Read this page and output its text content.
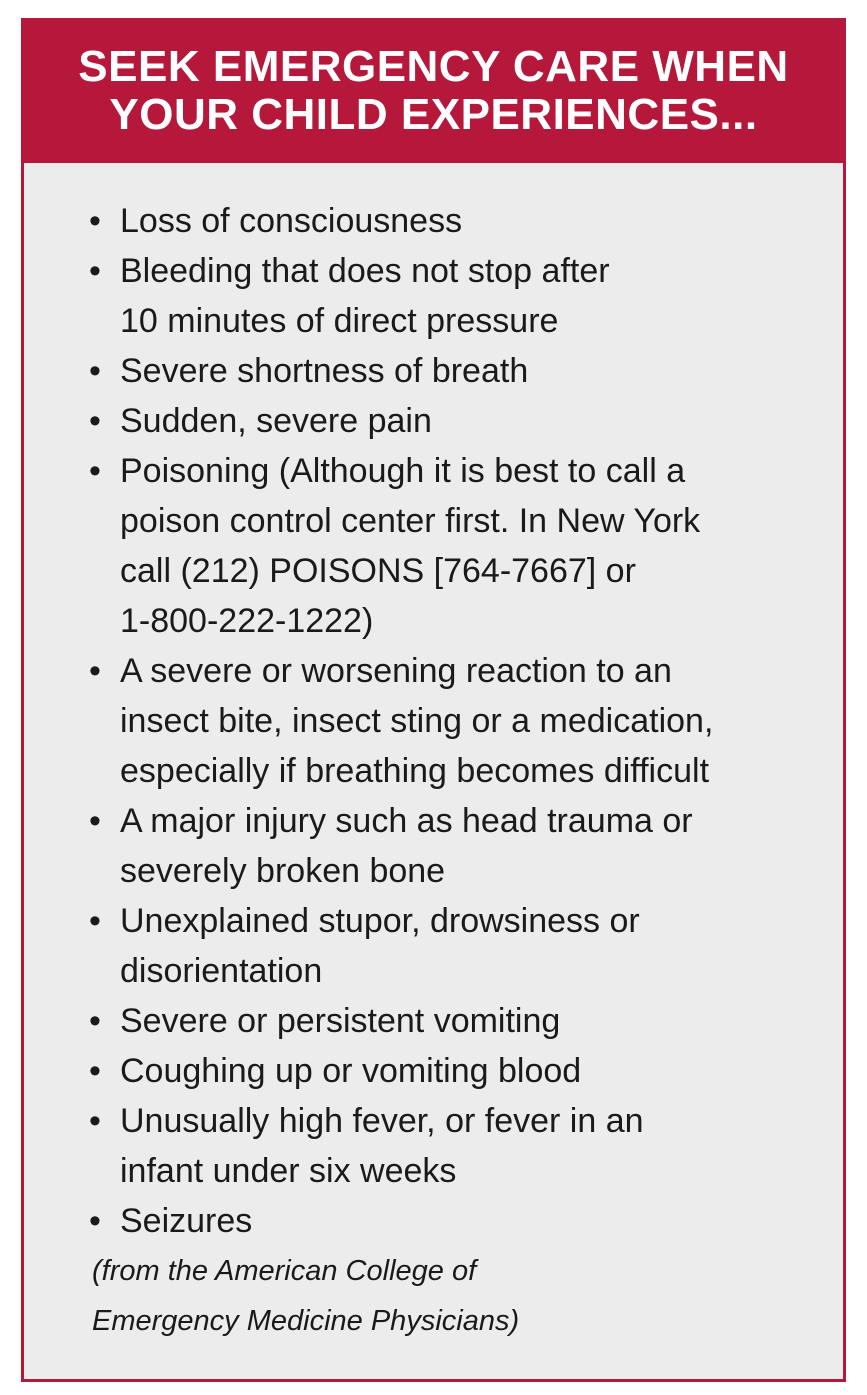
SEEK EMERGENCY CARE WHEN
YOUR CHILD EXPERIENCES...
• Loss of consciousness
• Bleeding that does not stop after
10 minutes of direct pressure
• Severe shortness of breath
• Sudden, severe pain
• Poisoning (Although it is best to call a
poison control center first. In New York
call (212) POISONS [764-7667] or
1-800-222-1222)
• A severe or worsening reaction to an
insect bite, insect sting or a medication,
especially if breathing becomes difficult
• A major injury such as head trauma or
severely broken bone
• Unexplained stupor, drowsiness or
disorientation
• Severe or persistent vomiting
• Coughing up or vomiting blood
• Unusually high fever, or fever in an
infant under six weeks
• Seizures
(from the American College of
Emergency Medicine Physicians)
